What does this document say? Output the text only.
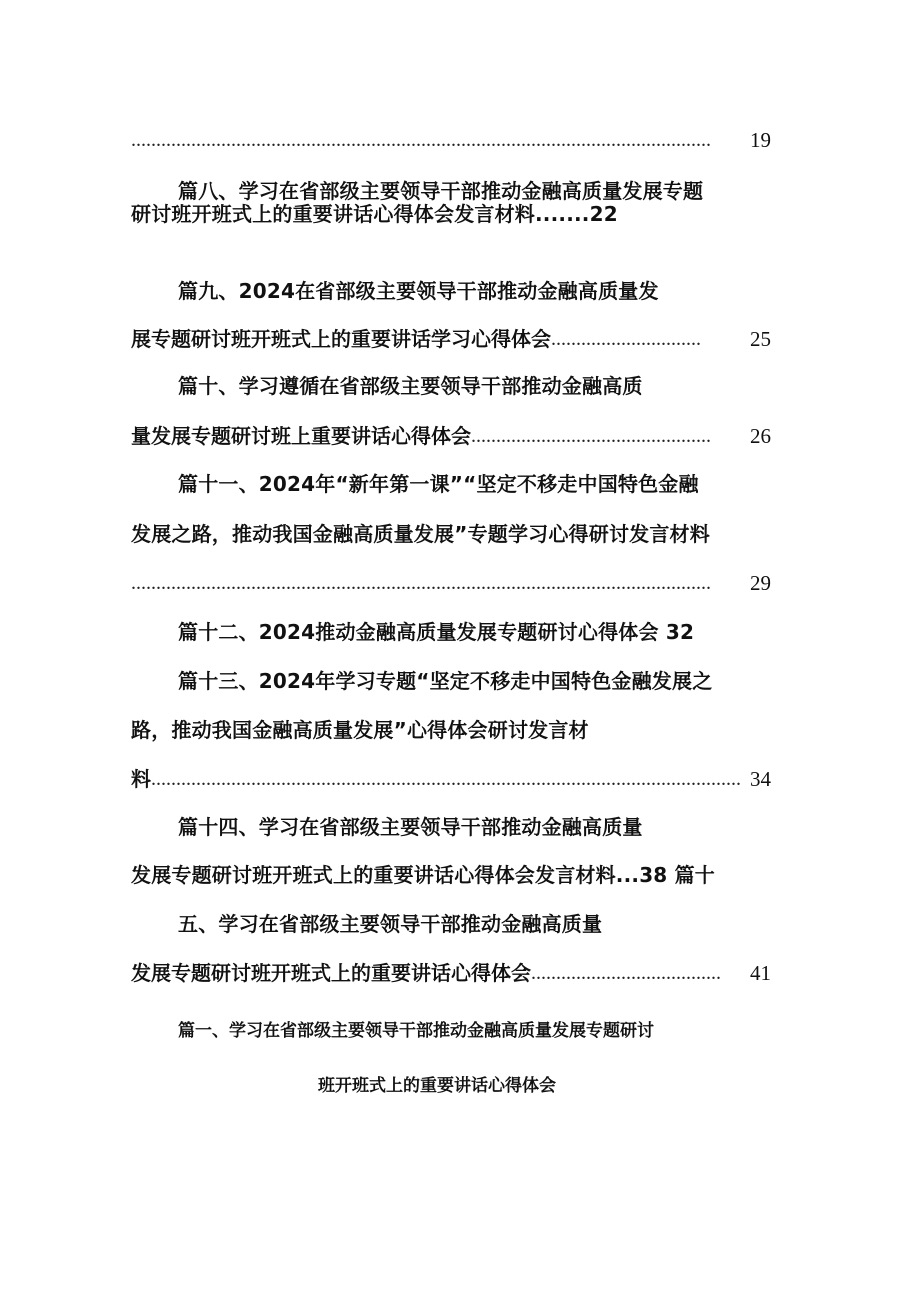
....................................................................................................................	19
篇八、学习在省部级主要领导干部推动金融高质量发展专题
研讨班开班式上的重要讲话心得体会发言材料.......22
篇九、2024在省部级主要领导干部推动金融高质量发
展专题研讨班开班式上的重要讲话学习心得体会 ..............................	25
篇十、学习遵循在省部级主要领导干部推动金融高质
量发展专题研讨班上重要讲话心得体会 ................................................	26
篇十一、2024年“新年第一课”“坚定不移走中国特色金融
发展之路，推动我国金融高质量发展”专题学习心得研讨发言材料
....................................................................................................................	29
篇十二、2024推动金融高质量发展专题研讨心得体会 32
篇十三、2024年学习专题“坚定不移走中国特色金融发展之
路，推动我国金融高质量发展”心得体会研讨发言材
料 ...................................................................................................................... 34
篇十四、学习在省部级主要领导干部推动金融高质量
发展专题研讨班开班式上的重要讲话心得体会发言材料...38 篇十
五、学习在省部级主要领导干部推动金融高质量
发展专题研讨班开班式上的重要讲话心得体会 ......................................	41
篇一、学习在省部级主要领导干部推动金融高质量发展专题研讨
班开班式上的重要讲话心得体会
